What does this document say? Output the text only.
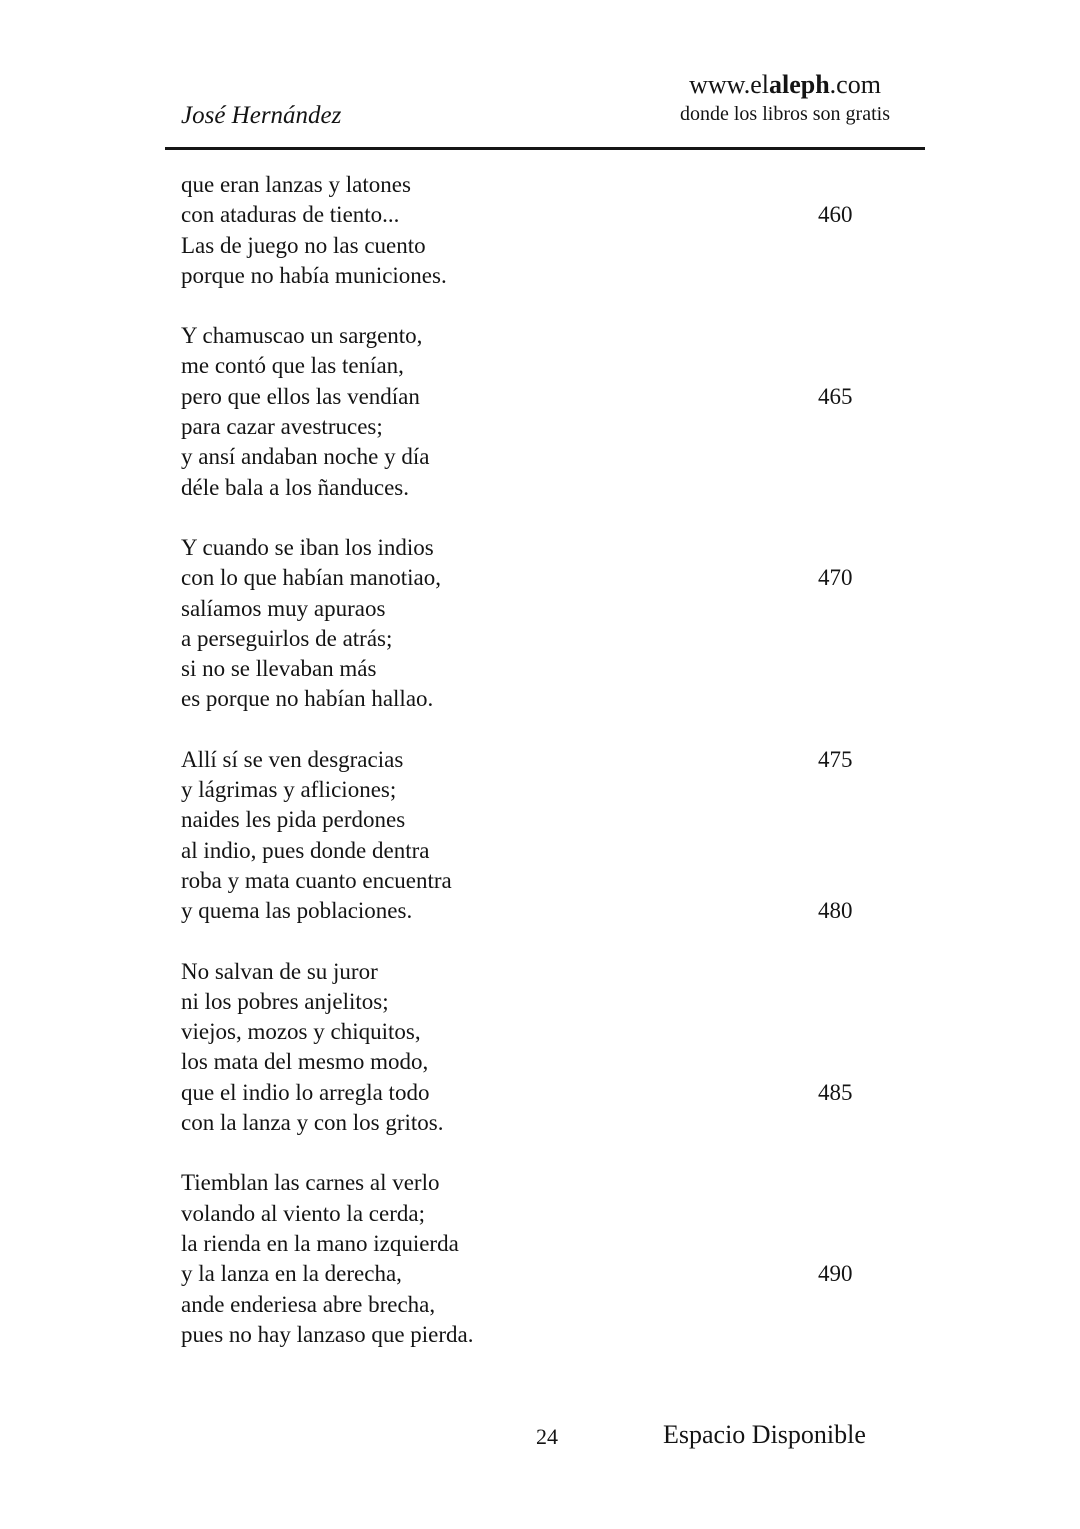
José Hernández
www.elaleph.com
donde los libros son gratis
que eran lanzas y latones
con ataduras de tiento...	460
Las de juego no las cuento
porque no había municiones.
Y chamuscao un sargento,
me contó que las tenían,
pero que ellos las vendían	465
para cazar avestruces;
y ansí andaban noche y día
déle bala a los ñanduces.
Y cuando se iban los indios
con lo que habían manotiao,	470
salíamos muy apuraos
a perseguirlos de atrás;
si no se llevaban más
es porque no habían hallao.
Allí sí se ven desgracias	475
y lágrimas y afliciones;
naides les pida perdones
al indio, pues donde dentra
roba y mata cuanto encuentra
y quema las poblaciones.	480
No salvan de su juror
ni los pobres anjelitos;
viejos, mozos y chiquitos,
los mata del mesmo modo,
que el indio lo arregla todo	485
con la lanza y con los gritos.
Tiemblan las carnes al verlo
volando al viento la cerda;
la rienda en la mano izquierda
y la lanza en la derecha,	490
ande enderiesa abre brecha,
pues no hay lanzaso que pierda.
24	Espacio Disponible
